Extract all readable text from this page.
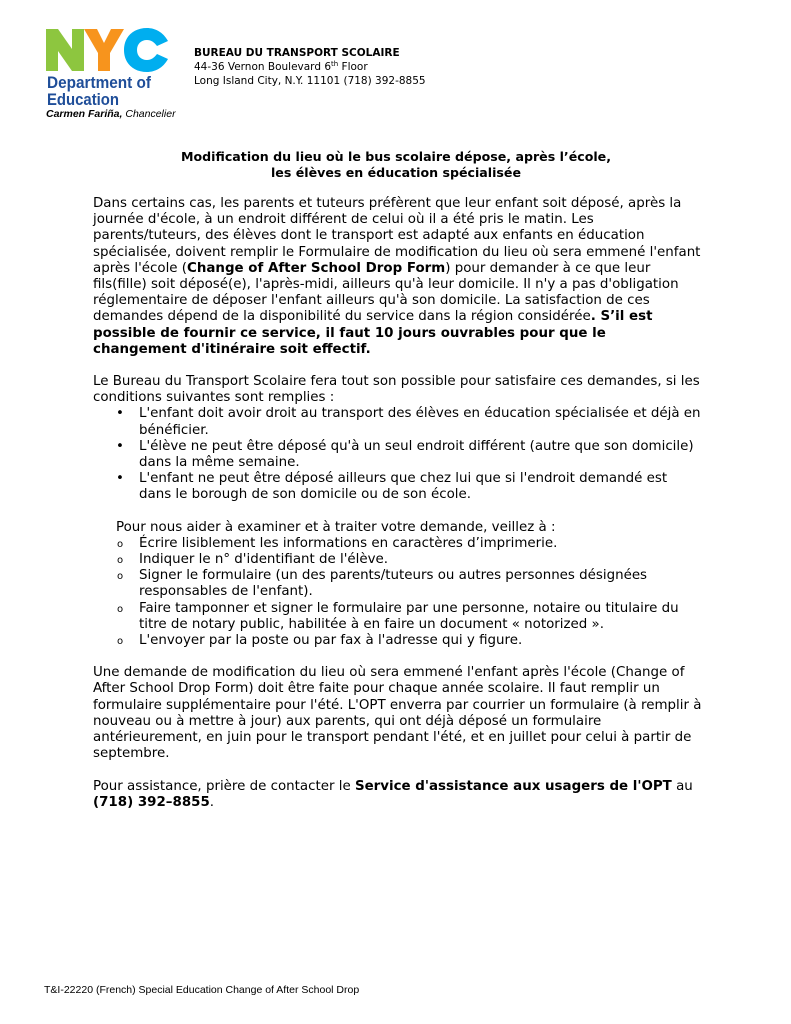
Department of
Education
Carmen Fariña, Chancelier
BUREAU DU TRANSPORT SCOLAIRE
44-36 Vernon Boulevard 6th Floor
Long Island City, N.Y. 11101 (718) 392-8855
Modification du lieu où le bus scolaire dépose, après l’école,
les élèves en éducation spécialisée

Dans certains cas, les parents et tuteurs préfèrent que leur enfant soit déposé, après la journée d'école, à un endroit différent de celui où il a été pris le matin. Les parents/tuteurs, des élèves dont le transport est adapté aux enfants en éducation spécialisée, doivent remplir le Formulaire de modification du lieu où sera emmené l'enfant après l'école (Change of After School Drop Form) pour demander à ce que leur fils(fille) soit déposé(e), l'après-midi, ailleurs qu'à leur domicile. Il n'y a pas d'obligation réglementaire de déposer l'enfant ailleurs qu'à son domicile. La satisfaction de ces demandes dépend de la disponibilité du service dans la région considérée. S’il est possible de fournir ce service, il faut 10 jours ouvrables pour que le changement d'itinéraire soit effectif.

Le Bureau du Transport Scolaire fera tout son possible pour satisfaire ces demandes, si les conditions suivantes sont remplies :

• L'enfant doit avoir droit au transport des élèves en éducation spécialisée et déjà en bénéficier.
• L'élève ne peut être déposé qu'à un seul endroit différent (autre que son domicile) dans la même semaine.
• L'enfant ne peut être déposé ailleurs que chez lui que si l'endroit demandé est dans le borough de son domicile ou de son école.

Pour nous aider à examiner et à traiter votre demande, veillez à :

o Écrire lisiblement les informations en caractères d’imprimerie.
o Indiquer le n° d'identifiant de l'élève.
o Signer le formulaire (un des parents/tuteurs ou autres personnes désignées responsables de l'enfant).
o Faire tamponner et signer le formulaire par une personne, notaire ou titulaire du titre de notary public, habilitée à en faire un document « notorized ».
o L'envoyer par la poste ou par fax à l'adresse qui y figure.

Une demande de modification du lieu où sera emmené l'enfant après l'école (Change of After School Drop Form) doit être faite pour chaque année scolaire. Il faut remplir un formulaire supplémentaire pour l'été. L'OPT enverra par courrier un formulaire (à remplir à nouveau ou à mettre à jour) aux parents, qui ont déjà déposé un formulaire antérieurement, en juin pour le transport pendant l'été, et en juillet pour celui à partir de septembre.

Pour assistance, prière de contacter le Service d'assistance aux usagers de l'OPT au (718) 392–8855.

T&I-22220 (French) Special Education Change of After School Drop
